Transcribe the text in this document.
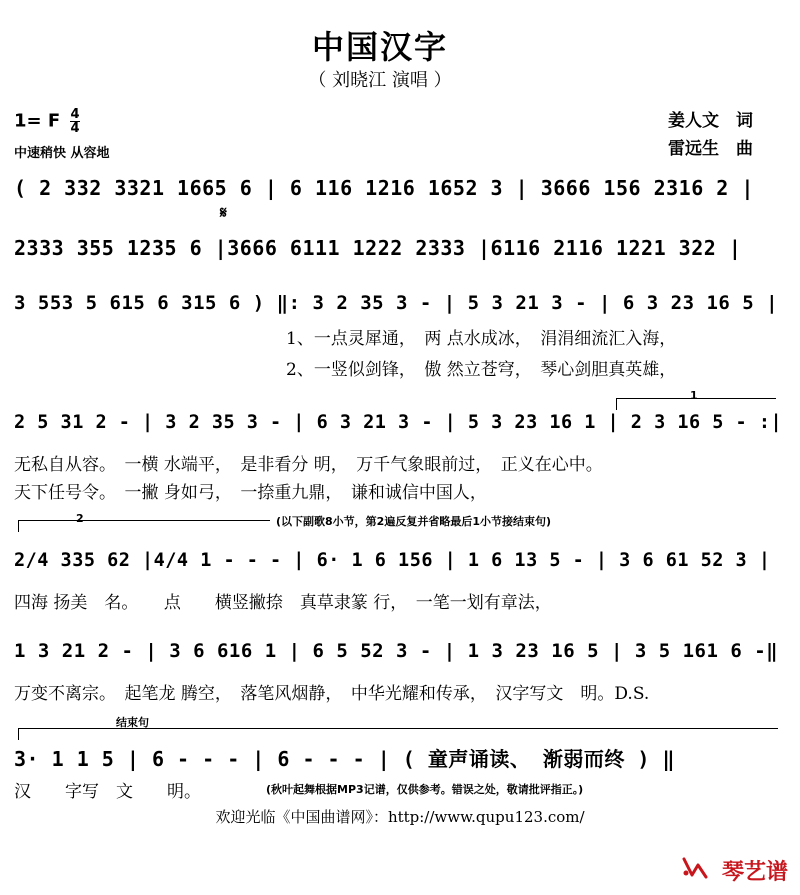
中国汉字
（ 刘晓江 演唱 ）
1= F $\frac{4}{4}$
中速稍快 从容地
姜人文　词
雷远生　曲
( 2 332 3321 1665 6 | 6 116 1216 1652 3 | 3666 156 2316 2 |
𝄋
2333 355 1235 6 |3666 6111 1222 2333 |6116 2116 1221 322 |
3 553 5 615 6 315 6 ) ‖: 3 2 35 3 - | 5 3 21 3 - | 6 3 23 16 5 |
1、一点灵犀通，　两 点水成冰，　涓涓细流汇入海，
2、一竖似剑锋，　傲 然立苍穹，　琴心剑胆真英雄，
1
2 5 31 2 - | 3 2 35 3 - | 6 3 21 3 - | 5 3 23 16 1 | 2 3 16 5 - :|
无私自从容。　一横 水端平，　是非看分 明，　万千气象眼前过，　正义在心中。
天下任号令。　一撇 身如弓，　一捺重九鼎，　谦和诚信中国人，
2	(以下副歌8小节，第2遍反复并省略最后1小节接结束句)
2/4 335 62 |4/4 1 - - - | 6· 1 6 156 | 1 6 13 5 - | 3 6 61 52 3 |
四海 扬美　名。　　点　　横竖撇捺　真草隶篆 行，　一笔一划有章法，
1 3 21 2 - | 3 6 616 1 | 6 5 52 3 - | 1 3 23 16 5 | 3 5 161 6 -‖
万变不离宗。　起笔龙 腾空，　落笔风烟静，　中华光耀和传承，　汉字写文　明。D.S.
结束句
3· 1 1 5 | 6 - - - | 6 - - - | ( 童声诵读、 渐弱而终 ) ‖
汉　　字写　文　　明。	(秋叶起舞根据MP3记谱，仅供参考。错误之处，敬请批评指正。)
欢迎光临《中国曲谱网》：http://www.qupu123.com/
琴艺谱
